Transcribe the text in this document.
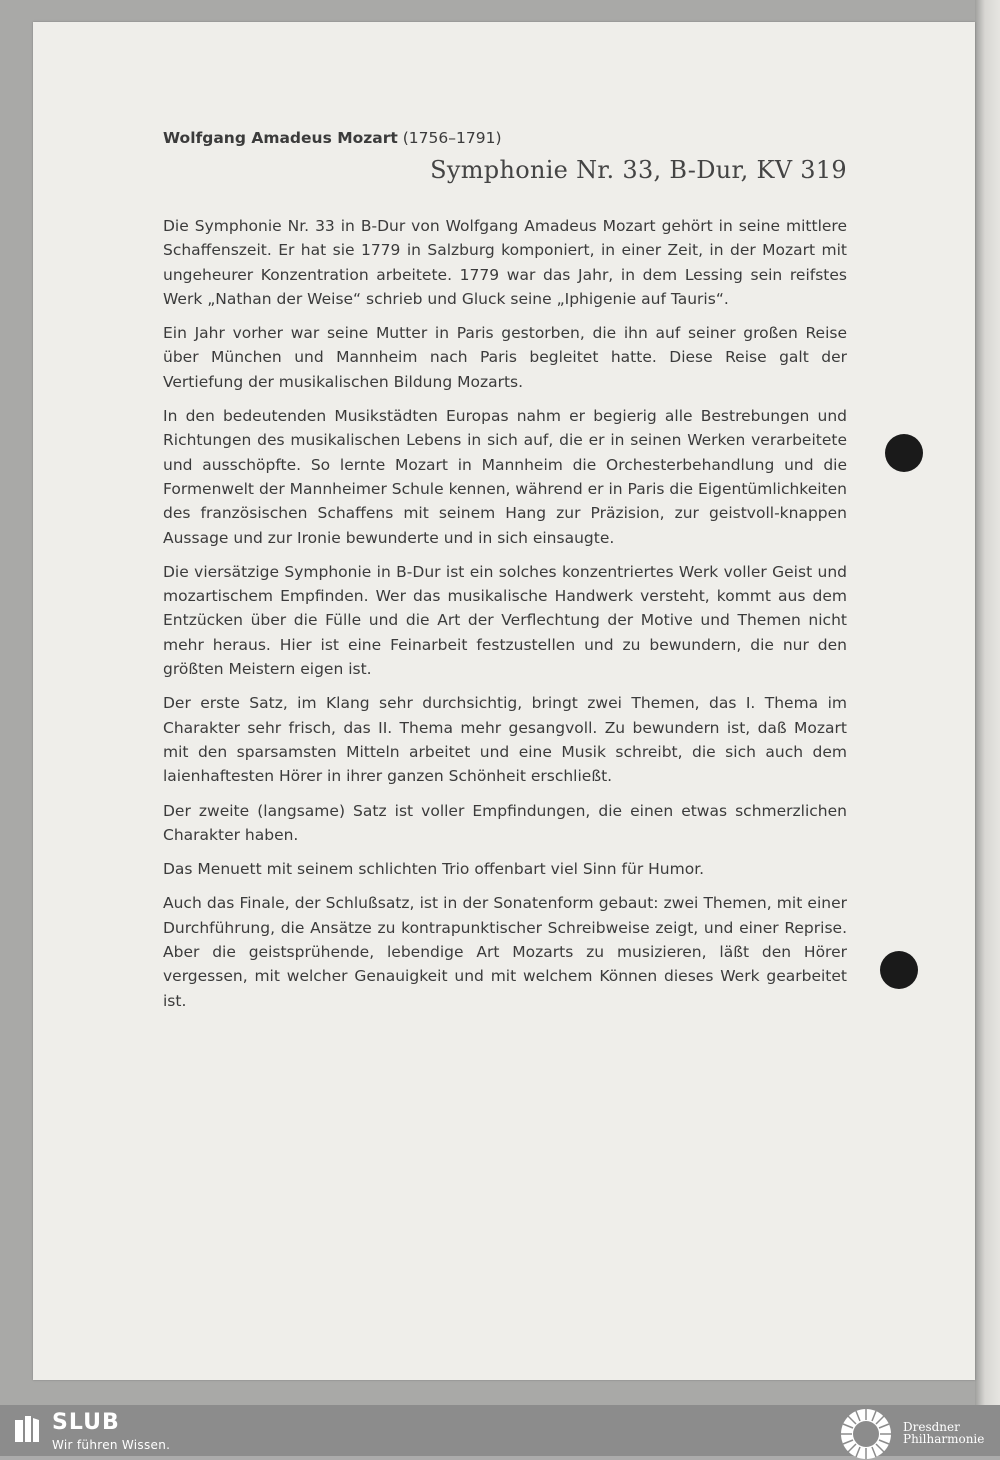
Wolfgang Amadeus Mozart (1756–1791)

Symphonie Nr. 33, B-Dur, KV 319

Die Symphonie Nr. 33 in B-Dur von Wolfgang Amadeus Mozart gehört in seine mittlere Schaffenszeit. Er hat sie 1779 in Salzburg komponiert, in einer Zeit, in der Mozart mit ungeheurer Konzentration arbeitete. 1779 war das Jahr, in dem Lessing sein reifstes Werk „Nathan der Weise“ schrieb und Gluck seine „Iphigenie auf Tauris“.

Ein Jahr vorher war seine Mutter in Paris gestorben, die ihn auf seiner großen Reise über München und Mannheim nach Paris begleitet hatte. Diese Reise galt der Vertiefung der musikalischen Bildung Mozarts.

In den bedeutenden Musikstädten Europas nahm er begierig alle Bestrebungen und Richtungen des musikalischen Lebens in sich auf, die er in seinen Werken verarbeitete und ausschöpfte. So lernte Mozart in Mannheim die Orchesterbehandlung und die Formenwelt der Mannheimer Schule kennen, während er in Paris die Eigentümlichkeiten des französischen Schaffens mit seinem Hang zur Präzision, zur geistvoll-knappen Aussage und zur Ironie bewunderte und in sich einsaugte.

Die viersätzige Symphonie in B-Dur ist ein solches konzentriertes Werk voller Geist und mozartischem Empfinden. Wer das musikalische Handwerk versteht, kommt aus dem Entzücken über die Fülle und die Art der Verflechtung der Motive und Themen nicht mehr heraus. Hier ist eine Feinarbeit festzustellen und zu bewundern, die nur den größten Meistern eigen ist.

Der erste Satz, im Klang sehr durchsichtig, bringt zwei Themen, das I. Thema im Charakter sehr frisch, das II. Thema mehr gesangvoll. Zu bewundern ist, daß Mozart mit den sparsamsten Mitteln arbeitet und eine Musik schreibt, die sich auch dem laienhaftesten Hörer in ihrer ganzen Schönheit erschließt.

Der zweite (langsame) Satz ist voller Empfindungen, die einen etwas schmerzlichen Charakter haben.

Das Menuett mit seinem schlichten Trio offenbart viel Sinn für Humor.

Auch das Finale, der Schlußsatz, ist in der Sonatenform gebaut: zwei Themen, mit einer Durchführung, die Ansätze zu kontrapunktischer Schreibweise zeigt, und einer Reprise. Aber die geistsprühende, lebendige Art Mozarts zu musizieren, läßt den Hörer vergessen, mit welcher Genauigkeit und mit welchem Können dieses Werk gearbeitet ist.

SLUB
Wir führen Wissen.
Dresdner
Philharmonie
